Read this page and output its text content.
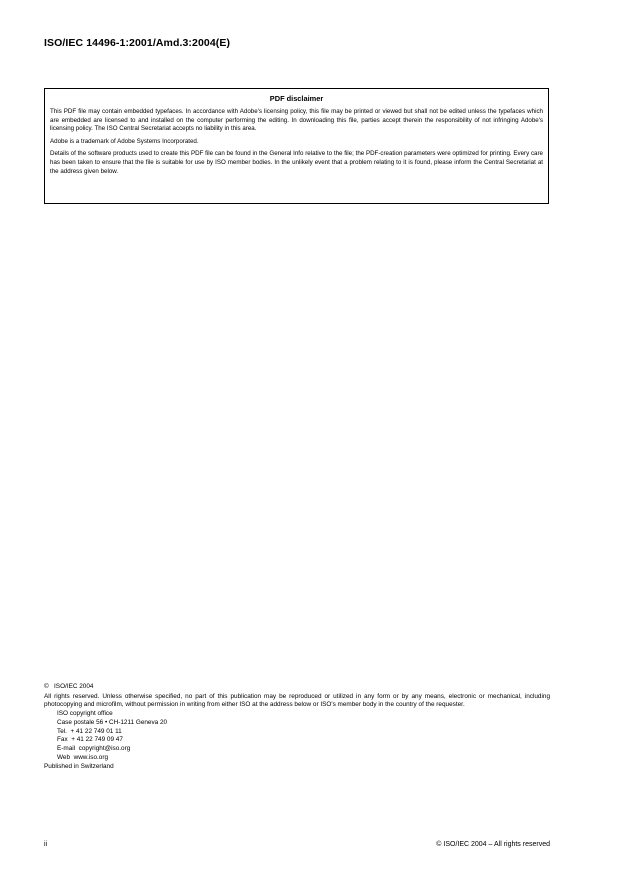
ISO/IEC 14496-1:2001/Amd.3:2004(E)
PDF disclaimer

This PDF file may contain embedded typefaces. In accordance with Adobe's licensing policy, this file may be printed or viewed but shall not be edited unless the typefaces which are embedded are licensed to and installed on the computer performing the editing. In downloading this file, parties accept therein the responsibility of not infringing Adobe's licensing policy. The ISO Central Secretariat accepts no liability in this area.

Adobe is a trademark of Adobe Systems Incorporated.

Details of the software products used to create this PDF file can be found in the General Info relative to the file; the PDF-creation parameters were optimized for printing. Every care has been taken to ensure that the file is suitable for use by ISO member bodies. In the unlikely event that a problem relating to it is found, please inform the Central Secretariat at the address given below.

©   ISO/IEC 2004

All rights reserved. Unless otherwise specified, no part of this publication may be reproduced or utilized in any form or by any means, electronic or mechanical, including photocopying and microfilm, without permission in writing from either ISO at the address below or ISO's member body in the country of the requester.

ISO copyright office

Case postale 56 • CH-1211 Geneva 20

Tel.  + 41 22 749 01 11

Fax  + 41 22 749 09 47

E-mail  copyright@iso.org

Web  www.iso.org

Published in Switzerland

ii	© ISO/IEC 2004 – All rights reserved
